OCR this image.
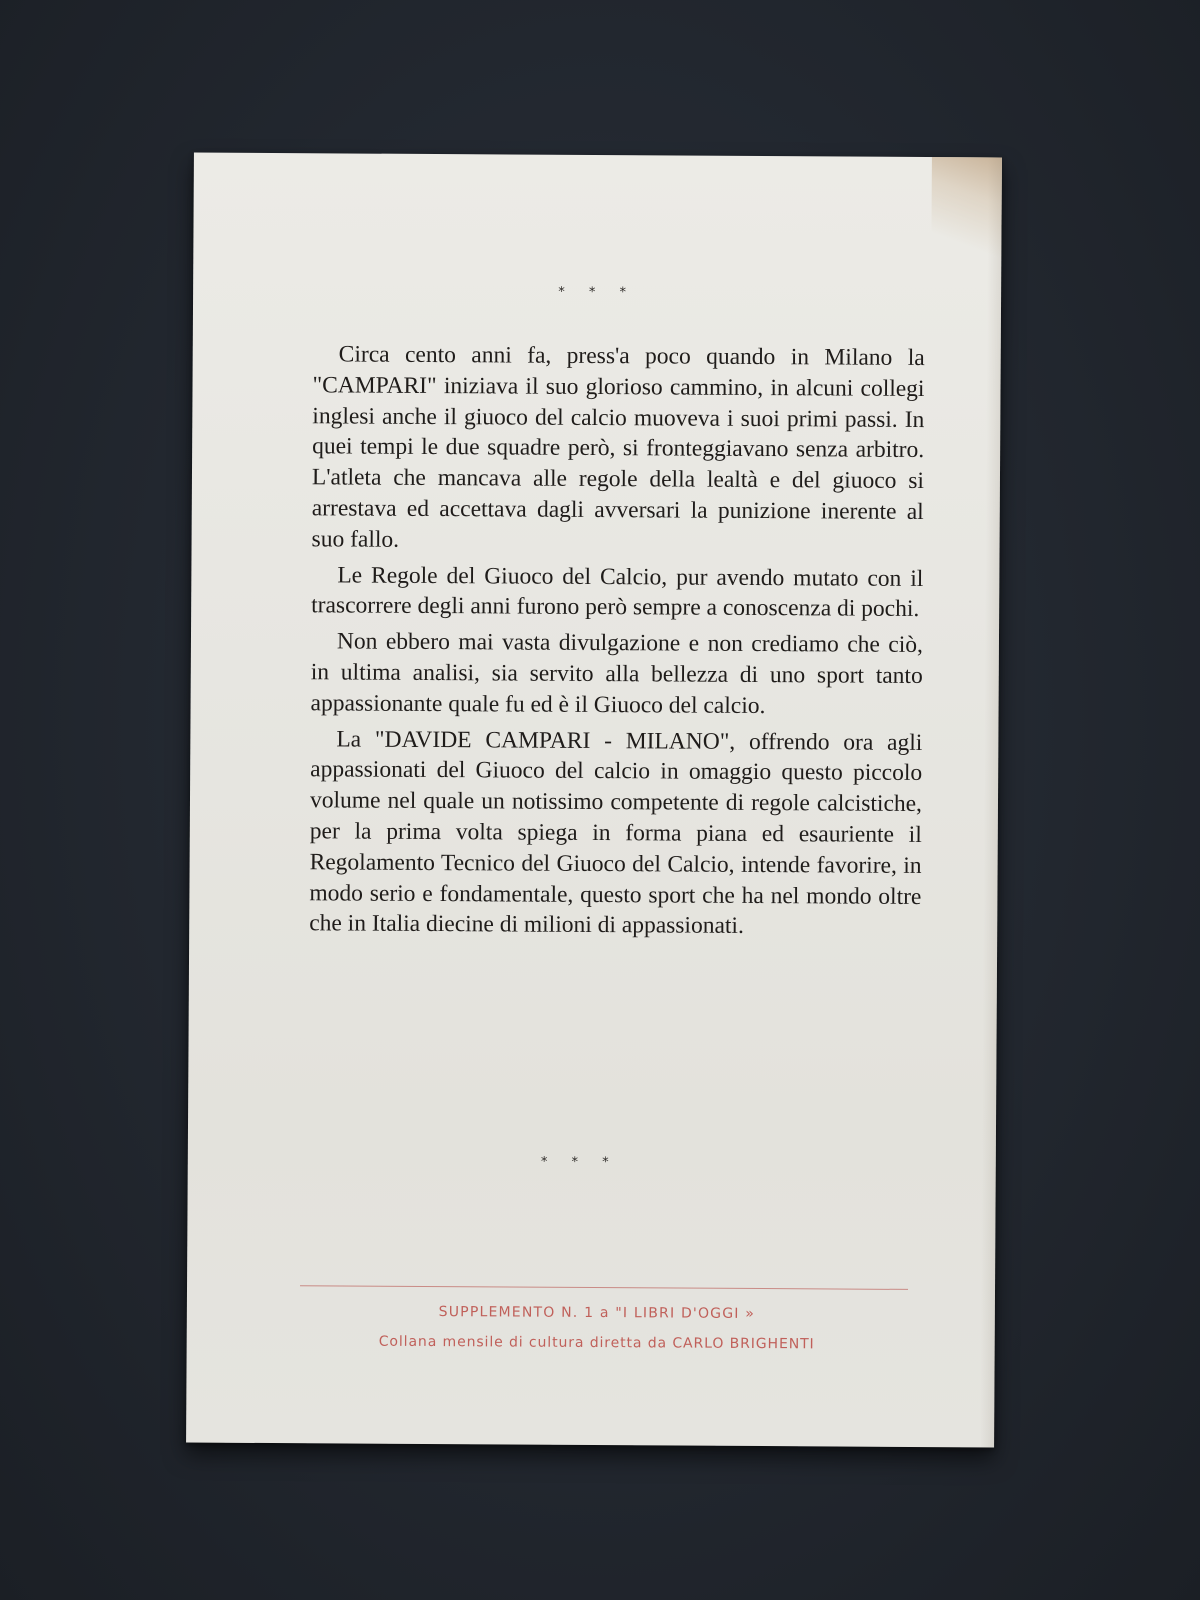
* * *

Circa cento anni fa, press'a poco quando in Milano la "CAMPARI" iniziava il suo glorioso cammino, in alcuni collegi inglesi anche il giuoco del calcio muoveva i suoi primi passi. In quei tempi le due squadre però, si fronteggiavano senza arbitro. L'atleta che mancava alle regole della lealtà e del giuoco si arrestava ed accettava dagli avversari la punizione inerente al suo fallo.

Le Regole del Giuoco del Calcio, pur avendo mutato con il trascorrere degli anni furono però sempre a conoscenza di pochi.

Non ebbero mai vasta divulgazione e non crediamo che ciò, in ultima analisi, sia servito alla bellezza di uno sport tanto appassionante quale fu ed è il Giuoco del calcio.

La "DAVIDE CAMPARI - MILANO", offrendo ora agli appassionati del Giuoco del calcio in omaggio questo piccolo volume nel quale un notissimo competente di regole calcistiche, per la prima volta spiega in forma piana ed esauriente il Regolamento Tecnico del Giuoco del Calcio, intende favorire, in modo serio e fondamentale, questo sport che ha nel mondo oltre che in Italia diecine di milioni di appassionati.

* * *
SUPPLEMENTO N. 1 a "I LIBRI D'OGGI »
Collana mensile di cultura diretta da CARLO BRIGHENTI
